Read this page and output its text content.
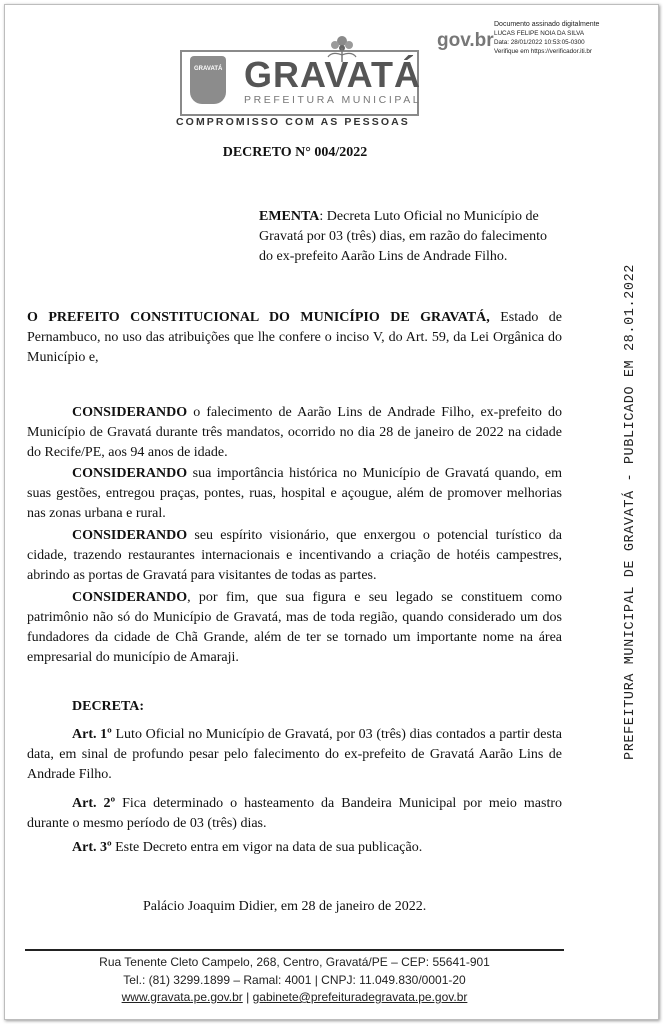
GRAVATÁ GRAVATÁ
PREFEITURA MUNICIPAL
COMPROMISSO COM AS PESSOAS
gov.br
Documento assinado digitalmente
LUCAS FELIPE NOIA DA SILVA
Data: 28/01/2022 10:53:05-0300
Verifique em https://verificador.iti.br
DECRETO N° 004/2022
EMENTA: Decreta Luto Oficial no Município de Gravatá por 03 (três) dias, em razão do falecimento do ex-prefeito Aarão Lins de Andrade Filho.
O PREFEITO CONSTITUCIONAL DO MUNICÍPIO DE GRAVATÁ, Estado de Pernambuco, no uso das atribuições que lhe confere o inciso V, do Art. 59, da Lei Orgânica do Município e,
CONSIDERANDO o falecimento de Aarão Lins de Andrade Filho, ex-prefeito do Município de Gravatá durante três mandatos, ocorrido no dia 28 de janeiro de 2022 na cidade do Recife/PE, aos 94 anos de idade.
CONSIDERANDO sua importância histórica no Município de Gravatá quando, em suas gestões, entregou praças, pontes, ruas, hospital e açougue, além de promover melhorias nas zonas urbana e rural.
CONSIDERANDO seu espírito visionário, que enxergou o potencial turístico da cidade, trazendo restaurantes internacionais e incentivando a criação de hotéis campestres, abrindo as portas de Gravatá para visitantes de todas as partes.
CONSIDERANDO, por fim, que sua figura e seu legado se constituem como patrimônio não só do Município de Gravatá, mas de toda região, quando considerado um dos fundadores da cidade de Chã Grande, além de ter se tornado um importante nome na área empresarial do município de Amaraji.
DECRETA:
Art. 1º Luto Oficial no Município de Gravatá, por 03 (três) dias contados a partir desta data, em sinal de profundo pesar pelo falecimento do ex-prefeito de Gravatá Aarão Lins de Andrade Filho.
Art. 2º Fica determinado o hasteamento da Bandeira Municipal por meio mastro durante o mesmo período de 03 (três) dias.
Art. 3º Este Decreto entra em vigor na data de sua publicação.
Palácio Joaquim Didier, em 28 de janeiro de 2022.
PREFEITURA MUNICIPAL DE GRAVATÁ - PUBLICADO EM 28.01.2022
Rua Tenente Cleto Campelo, 268, Centro, Gravatá/PE – CEP: 55641-901
Tel.: (81) 3299.1899 – Ramal: 4001 | CNPJ: 11.049.830/0001-20
www.gravata.pe.gov.br | gabinete@prefeituradegravata.pe.gov.br
